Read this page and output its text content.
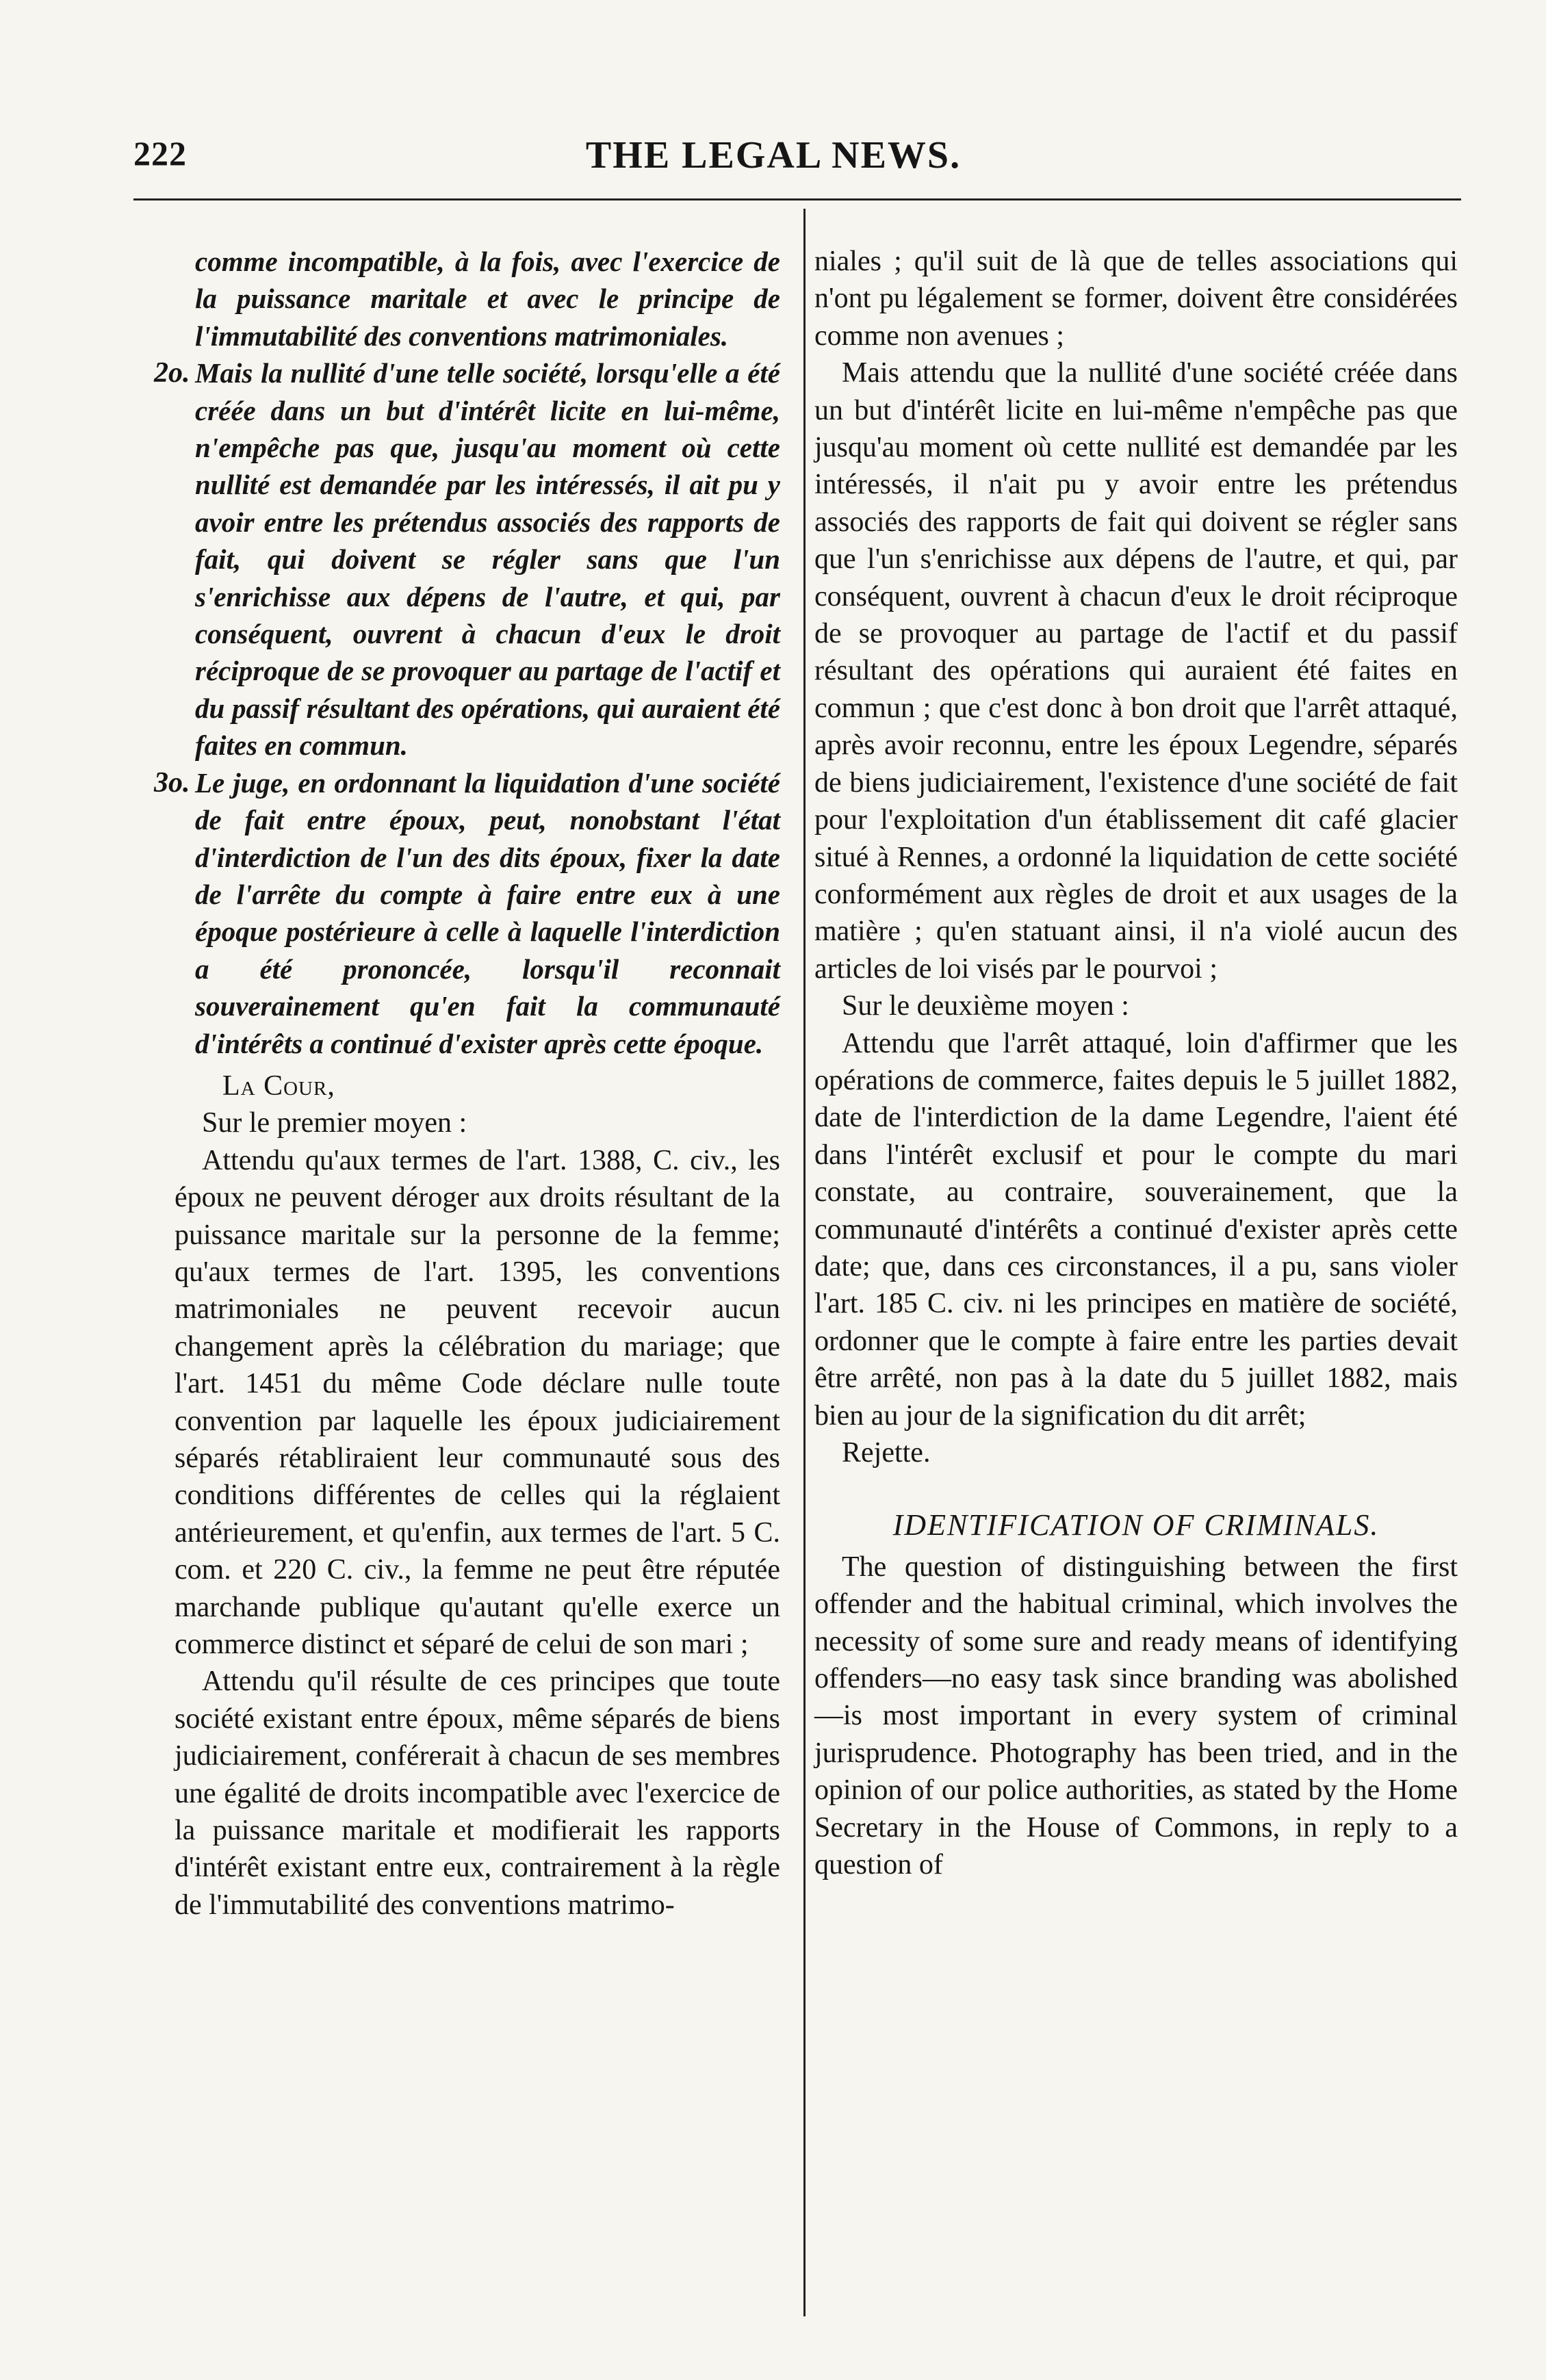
222	THE LEGAL NEWS.

comme incompatible, à la fois, avec l'exercice de la puissance maritale et avec le principe de l'immutabilité des conventions matrimoniales.

2o. Mais la nullité d'une telle société, lorsqu'elle a été créée dans un but d'intérêt licite en lui-même, n'empêche pas que, jusqu'au moment où cette nullité est demandée par les intéressés, il ait pu y avoir entre les prétendus associés des rapports de fait, qui doivent se régler sans que l'un s'enrichisse aux dépens de l'autre, et qui, par conséquent, ouvrent à chacun d'eux le droit réciproque de se provoquer au partage de l'actif et du passif résultant des opérations, qui auraient été faites en commun.

3o. Le juge, en ordonnant la liquidation d'une société de fait entre époux, peut, nonobstant l'état d'interdiction de l'un des dits époux, fixer la date de l'arrête du compte à faire entre eux à une époque postérieure à celle à laquelle l'interdiction a été prononcée, lorsqu'il reconnait souverainement qu'en fait la communauté d'intérêts a continué d'exister après cette époque.

La Cour,

Sur le premier moyen :

Attendu qu'aux termes de l'art. 1388, C. civ., les époux ne peuvent déroger aux droits résultant de la puissance maritale sur la personne de la femme; qu'aux termes de l'art. 1395, les conventions matrimoniales ne peuvent recevoir aucun changement après la célébration du mariage; que l'art. 1451 du même Code déclare nulle toute convention par laquelle les époux judiciairement séparés rétabliraient leur communauté sous des conditions différentes de celles qui la réglaient antérieurement, et qu'enfin, aux termes de l'art. 5 C. com. et 220 C. civ., la femme ne peut être réputée marchande publique qu'autant qu'elle exerce un commerce distinct et séparé de celui de son mari ;

Attendu qu'il résulte de ces principes que toute société existant entre époux, même séparés de biens judiciairement, conférerait à chacun de ses membres une égalité de droits incompatible avec l'exercice de la puissance maritale et modifierait les rapports d'intérêt existant entre eux, contrairement à la règle de l'immutabilité des conventions matrimo-

niales ; qu'il suit de là que de telles associations qui n'ont pu légalement se former, doivent être considérées comme non avenues ;

Mais attendu que la nullité d'une société créée dans un but d'intérêt licite en lui-même n'empêche pas que jusqu'au moment où cette nullité est demandée par les intéressés, il n'ait pu y avoir entre les prétendus associés des rapports de fait qui doivent se régler sans que l'un s'enrichisse aux dépens de l'autre, et qui, par conséquent, ouvrent à chacun d'eux le droit réciproque de se provoquer au partage de l'actif et du passif résultant des opérations qui auraient été faites en commun ; que c'est donc à bon droit que l'arrêt attaqué, après avoir reconnu, entre les époux Legendre, séparés de biens judiciairement, l'existence d'une société de fait pour l'exploitation d'un établissement dit café glacier situé à Rennes, a ordonné la liquidation de cette société conformément aux règles de droit et aux usages de la matière ; qu'en statuant ainsi, il n'a violé aucun des articles de loi visés par le pourvoi ;

Sur le deuxième moyen :

Attendu que l'arrêt attaqué, loin d'affirmer que les opérations de commerce, faites depuis le 5 juillet 1882, date de l'interdiction de la dame Legendre, l'aient été dans l'intérêt exclusif et pour le compte du mari constate, au contraire, souverainement, que la communauté d'intérêts a continué d'exister après cette date; que, dans ces circonstances, il a pu, sans violer l'art. 185 C. civ. ni les principes en matière de société, ordonner que le compte à faire entre les parties devait être arrêté, non pas à la date du 5 juillet 1882, mais bien au jour de la signification du dit arrêt;

Rejette.

IDENTIFICATION OF CRIMINALS.

The question of distinguishing between the first offender and the habitual criminal, which involves the necessity of some sure and ready means of identifying offenders—no easy task since branding was abolished—is most important in every system of criminal jurisprudence. Photography has been tried, and in the opinion of our police authorities, as stated by the Home Secretary in the House of Commons, in reply to a question of
